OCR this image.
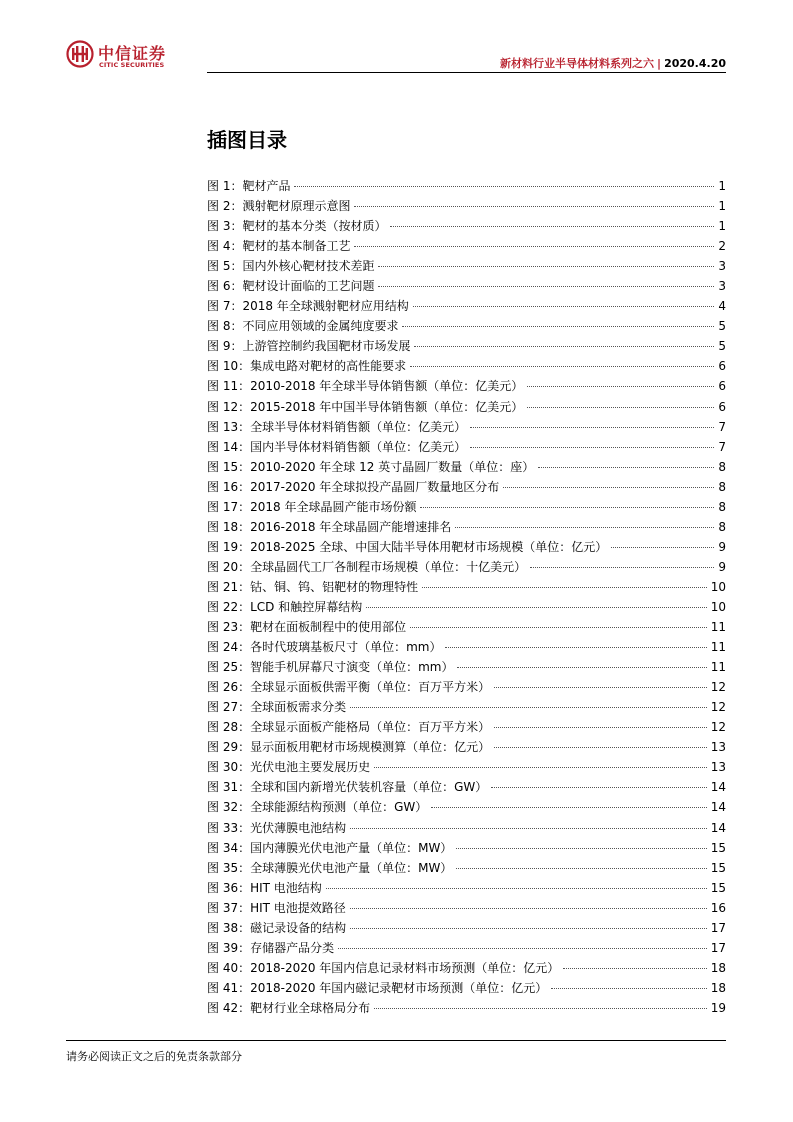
中信证券
CITIC SECURITIES	新材料行业半导体材料系列之六 | 2020.4.20
插图目录
图 1：靶材产品	1
图 2：溅射靶材原理示意图	1
图 3：靶材的基本分类（按材质）	1
图 4：靶材的基本制备工艺	2
图 5：国内外核心靶材技术差距	3
图 6：靶材设计面临的工艺问题	3
图 7：2018 年全球溅射靶材应用结构	4
图 8：不同应用领域的金属纯度要求	5
图 9：上游管控制约我国靶材市场发展	5
图 10：集成电路对靶材的高性能要求	6
图 11：2010-2018 年全球半导体销售额（单位：亿美元）	6
图 12：2015-2018 年中国半导体销售额（单位：亿美元）	6
图 13：全球半导体材料销售额（单位：亿美元）	7
图 14：国内半导体材料销售额（单位：亿美元）	7
图 15：2010-2020 年全球 12 英寸晶圆厂数量（单位：座）	8
图 16：2017-2020 年全球拟投产晶圆厂数量地区分布	8
图 17：2018 年全球晶圆产能市场份额	8
图 18：2016-2018 年全球晶圆产能增速排名	8
图 19：2018-2025 全球、中国大陆半导体用靶材市场规模（单位：亿元）	9
图 20：全球晶圆代工厂各制程市场规模（单位：十亿美元）	9
图 21：钴、铜、钨、铝靶材的物理特性	10
图 22：LCD 和触控屏幕结构	10
图 23：靶材在面板制程中的使用部位	11
图 24：各时代玻璃基板尺寸（单位：mm）	11
图 25：智能手机屏幕尺寸演变（单位：mm）	11
图 26：全球显示面板供需平衡（单位：百万平方米）	12
图 27：全球面板需求分类	12
图 28：全球显示面板产能格局（单位：百万平方米）	12
图 29：显示面板用靶材市场规模测算（单位：亿元）	13
图 30：光伏电池主要发展历史	13
图 31：全球和国内新增光伏装机容量（单位：GW）	14
图 32：全球能源结构预测（单位：GW）	14
图 33：光伏薄膜电池结构	14
图 34：国内薄膜光伏电池产量（单位：MW）	15
图 35：全球薄膜光伏电池产量（单位：MW）	15
图 36：HIT 电池结构	15
图 37：HIT 电池提效路径	16
图 38：磁记录设备的结构	17
图 39：存储器产品分类	17
图 40：2018-2020 年国内信息记录材料市场预测（单位：亿元）	18
图 41：2018-2020 年国内磁记录靶材市场预测（单位：亿元）	18
图 42：靶材行业全球格局分布	19
请务必阅读正文之后的免责条款部分
